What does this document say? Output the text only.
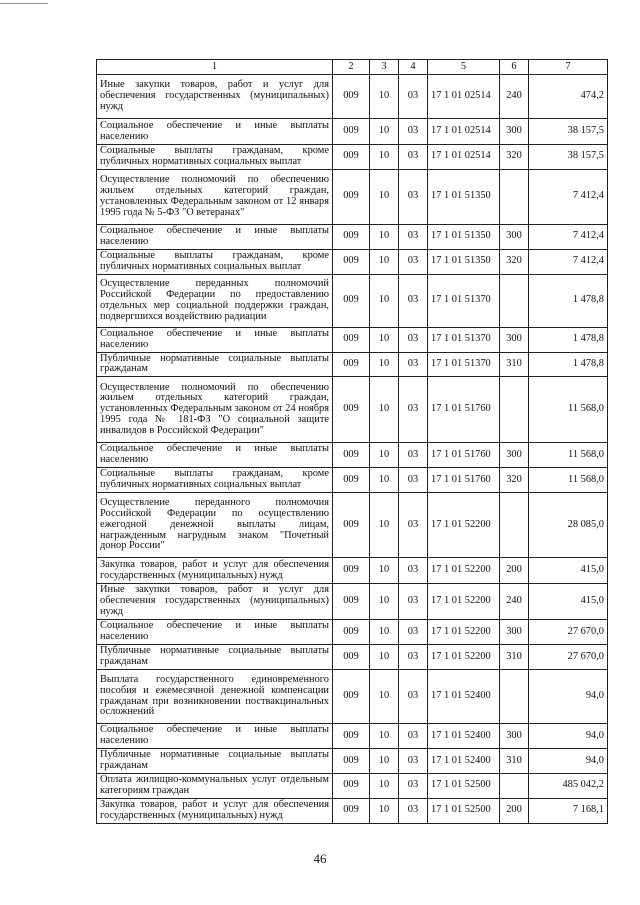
1	2	3	4	5	6	7
Иные закупки товаров, работ и услуг для обеспечения государственных (муниципальных) нужд	009	10	03	17 1 01 02514	240	474,2
Социальное обеспечение и иные выплаты населению	009	10	03	17 1 01 02514	300	38 157,5
Социальные выплаты гражданам, кроме публичных нормативных социальных выплат	009	10	03	17 1 01 02514	320	38 157,5
Осуществление полномочий по обеспечению жильем отдельных категорий граждан, установленных Федеральным законом от 12 января 1995 года № 5-ФЗ "О ветеранах"	009	10	03	17 1 01 51350		7 412,4
Социальное обеспечение и иные выплаты населению	009	10	03	17 1 01 51350	300	7 412,4
Социальные выплаты гражданам, кроме публичных нормативных социальных выплат	009	10	03	17 1 01 51350	320	7 412,4
Осуществление переданных полномочий Российской Федерации по предоставлению отдельных мер социальной поддержки граждан, подвергшихся воздействию радиации	009	10	03	17 1 01 51370		1 478,8
Социальное обеспечение и иные выплаты населению	009	10	03	17 1 01 51370	300	1 478,8
Публичные нормативные социальные выплаты гражданам	009	10	03	17 1 01 51370	310	1 478,8
Осуществление полномочий по обеспечению жильем отдельных категорий граждан, установленных Федеральным законом от 24 ноября 1995 года № 181-ФЗ "О социальной защите инвалидов в Российской Федерации"	009	10	03	17 1 01 51760		11 568,0
Социальное обеспечение и иные выплаты населению	009	10	03	17 1 01 51760	300	11 568,0
Социальные выплаты гражданам, кроме публичных нормативных социальных выплат	009	10	03	17 1 01 51760	320	11 568,0
Осуществление переданного полномочия Российской Федерации по осуществлению ежегодной денежной выплаты лицам, награжденным нагрудным знаком "Почетный донор России"	009	10	03	17 1 01 52200		28 085,0
Закупка товаров, работ и услуг для обеспечения государственных (муниципальных) нужд	009	10	03	17 1 01 52200	200	415,0
Иные закупки товаров, работ и услуг для обеспечения государственных (муниципальных) нужд	009	10	03	17 1 01 52200	240	415,0
Социальное обеспечение и иные выплаты населению	009	10	03	17 1 01 52200	300	27 670,0
Публичные нормативные социальные выплаты гражданам	009	10	03	17 1 01 52200	310	27 670,0
Выплата государственного единовременного пособия и ежемесячной денежной компенсации гражданам при возникновении поствакцинальных осложнений	009	10	03	17 1 01 52400		94,0
Социальное обеспечение и иные выплаты населению	009	10	03	17 1 01 52400	300	94,0
Публичные нормативные социальные выплаты гражданам	009	10	03	17 1 01 52400	310	94,0
Оплата жилищно-коммунальных услуг отдельным категориям граждан	009	10	03	17 1 01 52500		485 042,2
Закупка товаров, работ и услуг для обеспечения государственных (муниципальных) нужд	009	10	03	17 1 01 52500	200	7 168,1
46
